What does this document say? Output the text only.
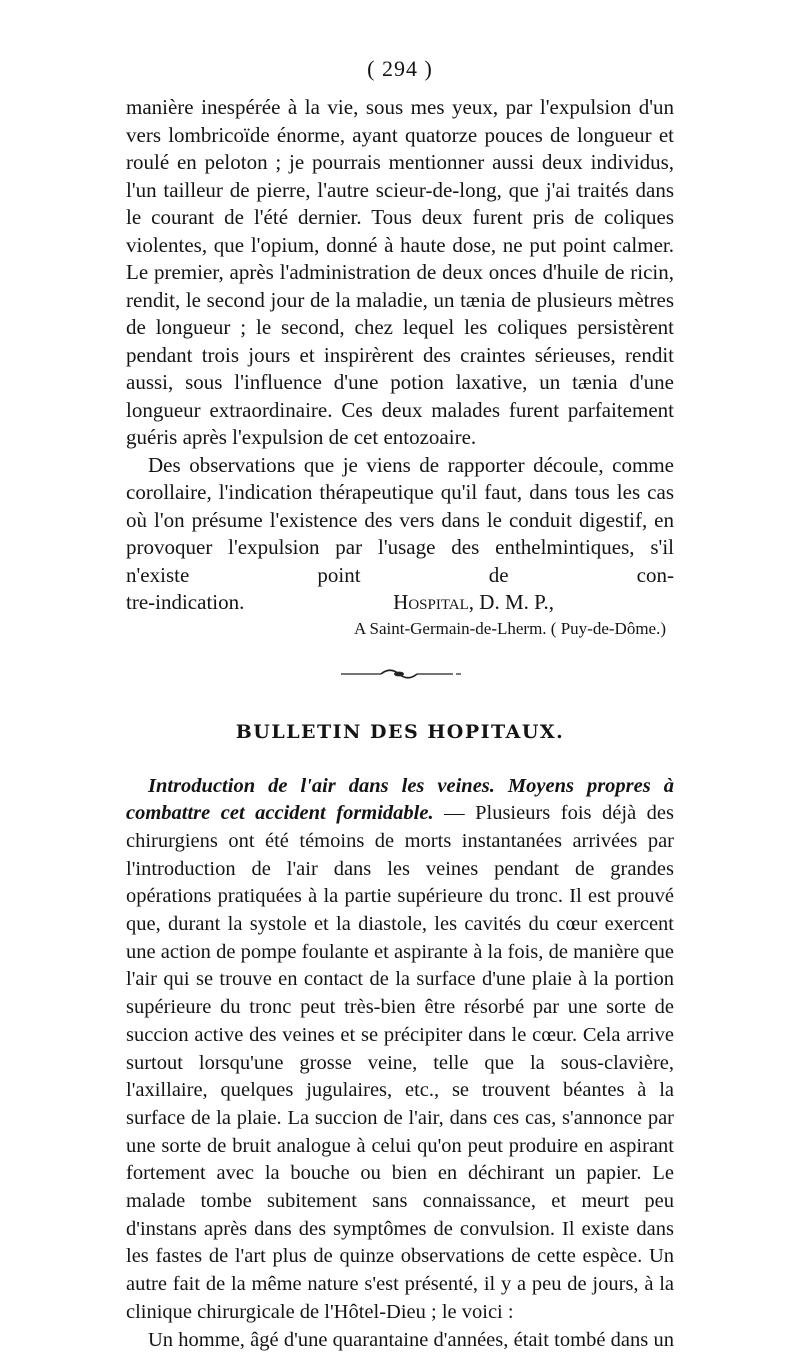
( 294 )

manière inespérée à la vie, sous mes yeux, par l'expulsion d'un vers lombricoïde énorme, ayant quatorze pouces de longueur et roulé en peloton ; je pourrais mentionner aussi deux individus, l'un tailleur de pierre, l'autre scieur-de-long, que j'ai traités dans le courant de l'été dernier. Tous deux furent pris de coliques violentes, que l'opium, donné à haute dose, ne put point calmer. Le premier, après l'administration de deux onces d'huile de ricin, rendit, le second jour de la maladie, un tænia de plusieurs mètres de longueur ; le second, chez lequel les coliques persistèrent pendant trois jours et inspirèrent des craintes sérieuses, rendit aussi, sous l'influence d'une potion laxative, un tænia d'une longueur extraordinaire. Ces deux malades furent parfaitement guéris après l'expulsion de cet entozoaire.

Des observations que je viens de rapporter découle, comme corollaire, l'indication thérapeutique qu'il faut, dans tous les cas où l'on présume l'existence des vers dans le conduit digestif, en provoquer l'expulsion par l'usage des enthelmintiques, s'il n'existe point de con-

tre-indication.	Hospital, D. M. P.,
A Saint-Germain-de-Lherm. ( Puy-de-Dôme.)
BULLETIN DES HOPITAUX.

Introduction de l'air dans les veines. Moyens propres à combattre cet accident formidable. — Plusieurs fois déjà des chirurgiens ont été témoins de morts instantanées arrivées par l'introduction de l'air dans les veines pendant de grandes opérations pratiquées à la partie supérieure du tronc. Il est prouvé que, durant la systole et la diastole, les cavités du cœur exercent une action de pompe foulante et aspirante à la fois, de manière que l'air qui se trouve en contact de la surface d'une plaie à la portion supérieure du tronc peut très-bien être résorbé par une sorte de succion active des veines et se précipiter dans le cœur. Cela arrive surtout lorsqu'une grosse veine, telle que la sous-clavière, l'axillaire, quelques jugulaires, etc., se trouvent béantes à la surface de la plaie. La succion de l'air, dans ces cas, s'annonce par une sorte de bruit analogue à celui qu'on peut produire en aspirant fortement avec la bouche ou bien en déchirant un papier. Le malade tombe subitement sans connaissance, et meurt peu d'instans après dans des symptômes de convulsion. Il existe dans les fastes de l'art plus de quinze observations de cette espèce. Un autre fait de la même nature s'est présenté, il y a peu de jours, à la clinique chirurgicale de l'Hôtel-Dieu ; le voici :

Un homme, âgé d'une quarantaine d'années, était tombé dans un
